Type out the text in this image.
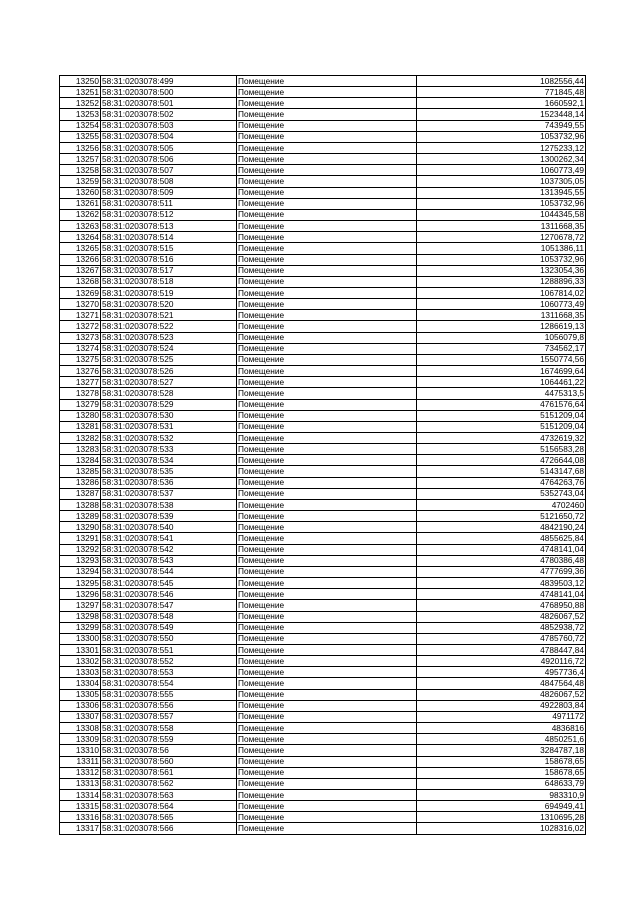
13250	58:31:0203078:499	Помещение	1082556,44
13251	58:31:0203078:500	Помещение	771845,48
13252	58:31:0203078:501	Помещение	1660592,1
13253	58:31:0203078:502	Помещение	1523448,14
13254	58:31:0203078:503	Помещение	743949,55
13255	58:31:0203078:504	Помещение	1053732,96
13256	58:31:0203078:505	Помещение	1275233,12
13257	58:31:0203078:506	Помещение	1300262,34
13258	58:31:0203078:507	Помещение	1060773,49
13259	58:31:0203078:508	Помещение	1037305,05
13260	58:31:0203078:509	Помещение	1313945,55
13261	58:31:0203078:511	Помещение	1053732,96
13262	58:31:0203078:512	Помещение	1044345,58
13263	58:31:0203078:513	Помещение	1311668,35
13264	58:31:0203078:514	Помещение	1270678,72
13265	58:31:0203078:515	Помещение	1051386,11
13266	58:31:0203078:516	Помещение	1053732,96
13267	58:31:0203078:517	Помещение	1323054,36
13268	58:31:0203078:518	Помещение	1288896,33
13269	58:31:0203078:519	Помещение	1067814,02
13270	58:31:0203078:520	Помещение	1060773,49
13271	58:31:0203078:521	Помещение	1311668,35
13272	58:31:0203078:522	Помещение	1286619,13
13273	58:31:0203078:523	Помещение	1056079,8
13274	58:31:0203078:524	Помещение	734562,17
13275	58:31:0203078:525	Помещение	1550774,56
13276	58:31:0203078:526	Помещение	1674699,64
13277	58:31:0203078:527	Помещение	1064461,22
13278	58:31:0203078:528	Помещение	4475313,5
13279	58:31:0203078:529	Помещение	4761576,64
13280	58:31:0203078:530	Помещение	5151209,04
13281	58:31:0203078:531	Помещение	5151209,04
13282	58:31:0203078:532	Помещение	4732619,32
13283	58:31:0203078:533	Помещение	5156583,28
13284	58:31:0203078:534	Помещение	4726644,08
13285	58:31:0203078:535	Помещение	5143147,68
13286	58:31:0203078:536	Помещение	4764263,76
13287	58:31:0203078:537	Помещение	5352743,04
13288	58:31:0203078:538	Помещение	4702460
13289	58:31:0203078:539	Помещение	5121650,72
13290	58:31:0203078:540	Помещение	4842190,24
13291	58:31:0203078:541	Помещение	4855625,84
13292	58:31:0203078:542	Помещение	4748141,04
13293	58:31:0203078:543	Помещение	4780386,48
13294	58:31:0203078:544	Помещение	4777699,36
13295	58:31:0203078:545	Помещение	4839503,12
13296	58:31:0203078:546	Помещение	4748141,04
13297	58:31:0203078:547	Помещение	4768950,88
13298	58:31:0203078:548	Помещение	4826067,52
13299	58:31:0203078:549	Помещение	4852938,72
13300	58:31:0203078:550	Помещение	4785760,72
13301	58:31:0203078:551	Помещение	4788447,84
13302	58:31:0203078:552	Помещение	4920116,72
13303	58:31:0203078:553	Помещение	4957736,4
13304	58:31:0203078:554	Помещение	4847564,48
13305	58:31:0203078:555	Помещение	4826067,52
13306	58:31:0203078:556	Помещение	4922803,84
13307	58:31:0203078:557	Помещение	4971172
13308	58:31:0203078:558	Помещение	4836816
13309	58:31:0203078:559	Помещение	4850251,6
13310	58:31:0203078:56	Помещение	3284787,18
13311	58:31:0203078:560	Помещение	158678,65
13312	58:31:0203078:561	Помещение	158678,65
13313	58:31:0203078:562	Помещение	648633,79
13314	58:31:0203078:563	Помещение	983310,9
13315	58:31:0203078:564	Помещение	694949,41
13316	58:31:0203078:565	Помещение	1310695,28
13317	58:31:0203078:566	Помещение	1028316,02
